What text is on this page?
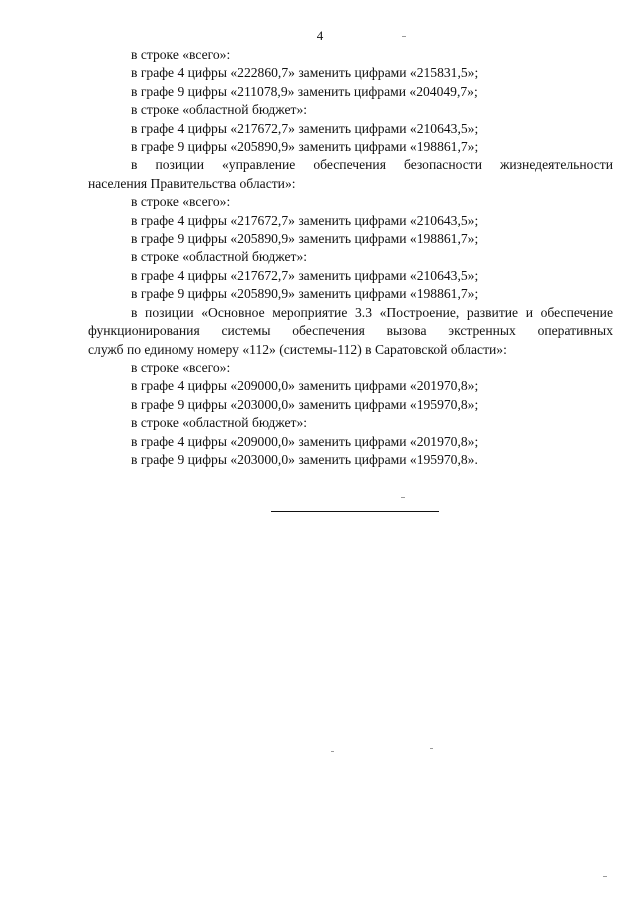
4
в строке «всего»:
в графе 4 цифры «222860,7» заменить цифрами «215831,5»;
в графе 9 цифры «211078,9» заменить цифрами «204049,7»;
в строке «областной бюджет»:
в графе 4 цифры «217672,7» заменить цифрами «210643,5»;
в графе 9 цифры «205890,9» заменить цифрами «198861,7»;
в позиции «управление обеспечения безопасности жизнедеятельности
населения Правительства области»:
в строке «всего»:
в графе 4 цифры «217672,7» заменить цифрами «210643,5»;
в графе 9 цифры «205890,9» заменить цифрами «198861,7»;
в строке «областной бюджет»:
в графе 4 цифры «217672,7» заменить цифрами «210643,5»;
в графе 9 цифры «205890,9» заменить цифрами «198861,7»;
в позиции «Основное мероприятие 3.3 «Построение, развитие и обеспечение
функционирования системы обеспечения вызова экстренных оперативных
служб по единому номеру «112» (системы-112) в Саратовской области»:
в строке «всего»:
в графе 4 цифры «209000,0» заменить цифрами «201970,8»;
в графе 9 цифры «203000,0» заменить цифрами «195970,8»;
в строке «областной бюджет»:
в графе 4 цифры «209000,0» заменить цифрами «201970,8»;
в графе 9 цифры «203000,0» заменить цифрами «195970,8».
